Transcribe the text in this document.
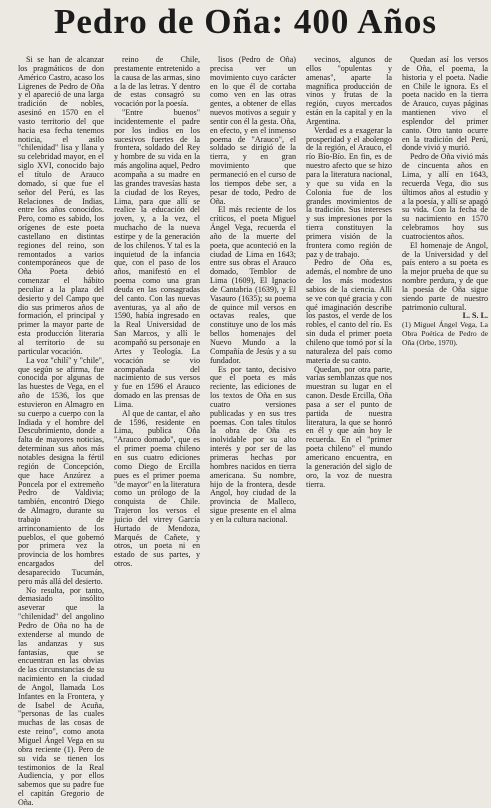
Pedro de Oña: 400 Años

Si se han de alcanzar los pragmáticos de don Américo Castro, acaso los Ligrenes de Pedro de Oña y el apareció de una larga tradición de nobles, asesinó en 1570 en el vasto territorio del que hacia esa fecha tenemos noticia, el asilo "chilenidad" lisa y llana y su celebridad mayor, en el siglo XVI, conocido bajo el título de Arauco domado, sí que fue el señor del Perú, es las Relaciones de Indias, entre los años conocidos. Pero, como es sabido, los orígenes de este poeta castellano en distintas regiones del reino, son remontados a varios contemporáneos que de Oña Poeta debió comenzar el hábito peculiar a la plaza del desierto y del Campo que dio sus primeros años de formación, el principal y primer la mayor parte de esta producción literaria al territorio de su particular vocación.

La voz "chilí" y "chile", que según se afirma, fue conocida por algunas de las huestes de Vega, en el año de 1536, los que estuvieron en Almagro en su cuerpo a cuerpo con la Indiada y el hombre del Descubrimiento, donde a falta de mayores noticias, determinan sus años más notables designa la fértil región de Concepción, que hace Anzúrez a Poncela por el extremeño Pedro de Valdivia; también, encontró Diego de Almagro, durante su trabajo de arrinconamiento de los pueblos, el que gobernó por primera vez la provincia de los hombres encargados del desaparecido Tucumán, pero más allá del desierto.

No resulta, por tanto, demasiado insólito aseverar que la "chilenidad" del angolino Pedro de Oña no ha de extenderse al mundo de las andanzas y sus fantasías, que se encuentran en las obvias de las circunstancias de su nacimiento en la ciudad de Angol, llamada Los Infantes en la Frontera, y de Isabel de Acuña, "personas de las cuales muchas de las cosas de este reino", como anota Miguel Ángel Vega en su obra reciente (1). Pero de su vida se tienen los testimonios de la Real Audiencia, y por ellos sabemos que su padre fue el capitán Gregorio de Oña.

reino de Chile, prestamente entretenido a la causa de las armas, sino a la de las letras. Y dentro de estas consagró su vocación por la poesía.

"Entre buenos" incidentemente el padre por los indios en los sucesivos fuertes de la frontera, soldado del Rey y hombre de su vida en la más angolina aquel, Pedro acompaña a su madre en las grandes travesías hasta la ciudad de los Reyes, Lima, para que allí se realice la educación del joven, y, a la vez, el muchacho de la nueva estirpe y de la generación de los chilenos. Y tal es la inquietud de la infancia que, con el paso de los años, manifestó en el poema como una gran deuda en las consagradas del canto. Con las nuevas aventuras, ya al año de 1590, había ingresado en la Real Universidad de San Marcos, y allí le acompañó su personaje en Artes y Teología. La vocación se vio acompañada del nacimiento de sus versos y fue en 1596 el Arauco domado en las prensas de Lima.

Al que de cantar, el año de 1596, residente en Lima, publica Oña "Arauco domado", que es el primer poema chileno en sus cuatro ediciones como Diego de Ercilla pues es el primer poema "de mayor" en la literatura como un prólogo de la conquista de Chile. Trajeron los versos el juicio del virrey García Hurtado de Mendoza, Marqués de Cañete, y otros, un poeta ni en estado de sus partes, y otros.

lisos (Pedro de Oña) precisa ver un movimiento cuyo carácter en lo que él de cortaba como ven en las otras gentes, a obtener de ellas nuevos motivos a seguir y sentir con él la gesta. Oña, en efecto, y en el inmenso poema de "Arauco", el soldado se dirigió de la tierra, y en gran movimiento que permaneció en el curso de los tiempos debe ser, a pesar de todo, Pedro de Oña.

El más reciente de los críticos, el poeta Miguel Ángel Vega, recuerda el año de la muerte del poeta, que aconteció en la ciudad de Lima en 1643; entre sus obras el Arauco domado, Temblor de Lima (1609), El Ignacio de Cantabria (1639), y El Vasauro (1635); su poema de quince mil versos en octavas reales, que constituye uno de los más bellos homenajes del Nuevo Mundo a la Compañía de Jesús y a su fundador.

Es por tanto, decisivo que el poeta es más reciente, las ediciones de los textos de Oña en sus cuatro versiones publicadas y en sus tres poemas. Con tales títulos la obra de Oña es inolvidable por su alto interés y por ser de las primeras hechas por hombres nacidos en tierra americana. Su nombre, hijo de la frontera, desde Angol, hoy ciudad de la provincia de Malleco, sigue presente en el alma y en la cultura nacional.

vecinos, algunos de ellos "opulentas y amenas", aparte la magnífica producción de vinos y frutas de la región, cuyos mercados están en la capital y en la Argentina.

Verdad es a exagerar la prosperidad y el abolengo de la región, el Arauco, el río Bío-Bío. En fin, es de nuestro afecto que se hizo para la literatura nacional, y que su vida en la Colonia fue de los grandes movimientos de la tradición. Sus intereses y sus impresiones por la tierra constituyen la primera visión de la frontera como región de paz y de trabajo.

Pedro de Oña es, además, el nombre de uno de los más modestos sabios de la ciencia. Allí se ve con qué gracia y con qué imaginación describe los pastos, el verde de los robles, el canto del río. Es sin duda el primer poeta chileno que tomó por sí la naturaleza del país como materia de su canto.

Quedan, por otra parte, varias semblanzas que nos muestran su lugar en el canon. Desde Ercilla, Oña pasa a ser el punto de partida de nuestra literatura, la que se honró en él y que aún hoy le recuerda. En el "primer poeta chileno" el mundo americano encuentra, en la generación del siglo de oro, la voz de nuestra tierra.

Quedan así los versos de Oña, el poema, la historia y el poeta. Nadie en Chile le ignora. Es el poeta nacido en la tierra de Arauco, cuyas páginas mantienen vivo el esplendor del primer canto. Otro tanto ocurre en la tradición del Perú, donde vivió y murió.

Pedro de Oña vivió más de cincuenta años en Lima, y allí en 1643, recuerda Vega, dio sus últimos años al estudio y a la poesía, y allí se apagó su vida. Con la fecha de su nacimiento en 1570 celebramos hoy sus cuatrocientos años.

El homenaje de Angol, de la Universidad y del país entero a su poeta es la mejor prueba de que su nombre perdura, y de que la poesía de Oña sigue siendo parte de nuestro patrimonio cultural.

L. S. L.

(1) Miguel Ángel Vega, La Obra Poética de Pedro de Oña (Orbe, 1970).
